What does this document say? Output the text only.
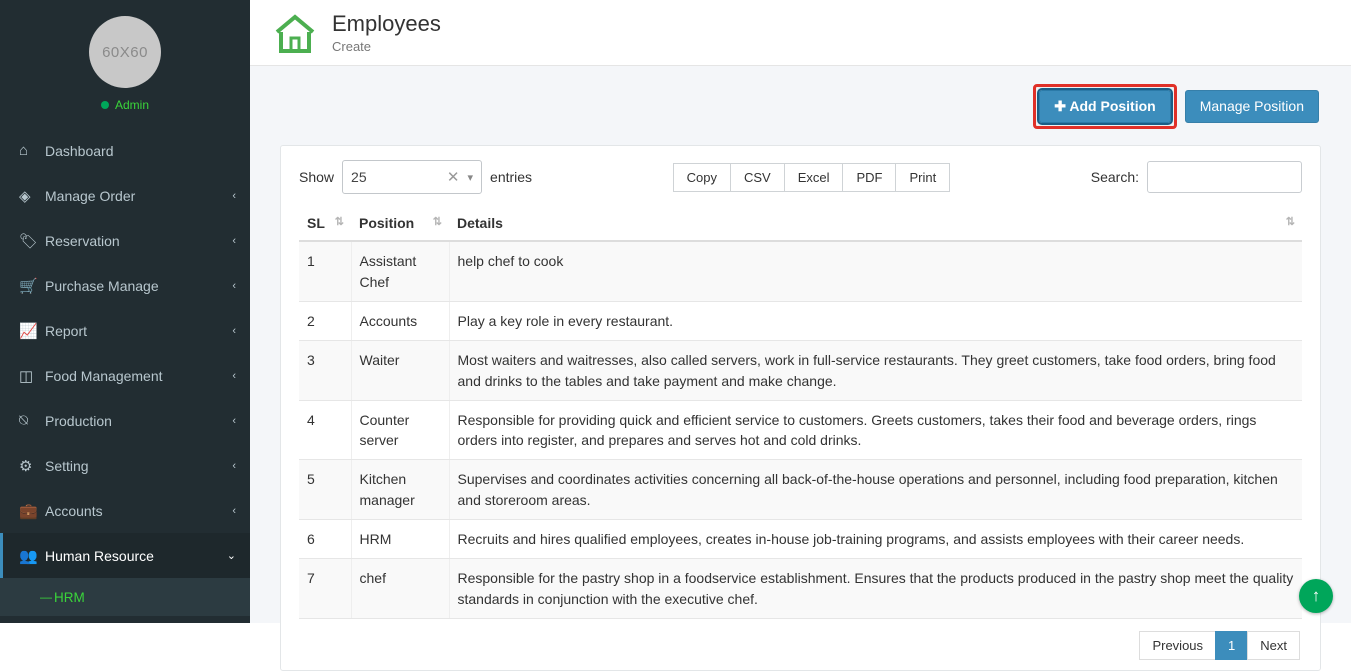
60X60
Admin
⌂	Dashboard
◈	Manage Order	‹
🏷 Reservation	‹
🛒 Purchase Manage	‹
📈 Report	‹
◫ Food Management	‹
⍉	Production	‹
⚙ Setting	‹
💼 Accounts	‹
👥 Human Resource	⌄
— HRM
Employees
Create
✚ Add Position	Manage Position
Show 25	✕ ▾ entries	Copy	CSV	Excel	PDF	Print	Search:
SL ⇅	Position ⇅	Details ⇅

1	Assistant Chef	help chef to cook
2	Accounts	Play a key role in every restaurant.
3	Waiter	Most waiters and waitresses, also called servers, work in full-service restaurants. They greet customers, take food orders, bring food and drinks to the tables and take payment and make change.
4	Counter server	Responsible for providing quick and efficient service to customers. Greets customers, takes their food and beverage orders, rings orders into register, and prepares and serves hot and cold drinks.
5	Kitchen manager	Supervises and coordinates activities concerning all back-of-the-house operations and personnel, including food preparation, kitchen and storeroom areas.
6	HRM	Recruits and hires qualified employees, creates in-house job-training programs, and assists employees with their career needs.
7	chef	Responsible for the pastry shop in a foodservice establishment. Ensures that the products produced in the pastry shop meet the quality standards in conjunction with the executive chef.
Previous	1	Next
↑
